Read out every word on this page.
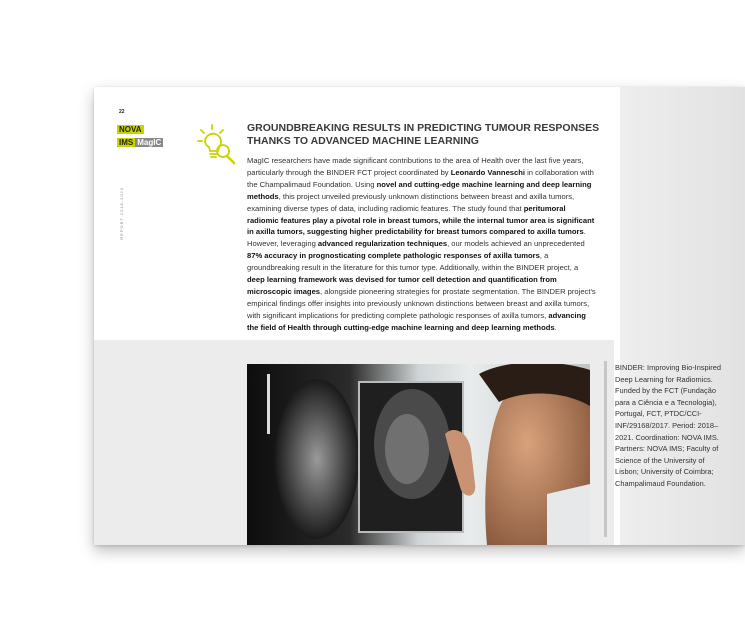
22
NOVA
IMS MagIC
REPORT 2018-2023
GROUNDBREAKING RESULTS IN PREDICTING TUMOUR RESPONSES THANKS TO ADVANCED MACHINE LEARNING

MagIC researchers have made significant contributions to the area of Health over the last five years, particularly through the BINDER FCT project coordinated by Leonardo Vanneschi in collaboration with the Champalimaud Foundation. Using novel and cutting-edge machine learning and deep learning methods, this project unveiled previously unknown distinctions between breast and axilla tumors, examining diverse types of data, including radiomic features. The study found that peritumoral radiomic features play a pivotal role in breast tumors, while the internal tumor area is significant in axilla tumors, suggesting higher predictability for breast tumors compared to axilla tumors. However, leveraging advanced regularization techniques, our models achieved an unprecedented 87% accuracy in prognosticating complete pathologic responses of axilla tumors, a groundbreaking result in the literature for this tumor type. Additionally, within the BINDER project, a deep learning framework was devised for tumor cell detection and quantification from microscopic images, alongside pioneering strategies for prostate segmentation. The BINDER project's empirical findings offer insights into previously unknown distinctions between breast and axilla tumors, with significant implications for predicting complete pathologic responses of axilla tumors, advancing the field of Health through cutting-edge machine learning and deep learning methods.

BINDER: Improving Bio-Inspired Deep Learning for Radiomics. Funded by the FCT (Fundação para a Ciência e a Tecnologia), Portugal, FCT, PTDC/CCI-INF/29168/2017. Period: 2018–2021. Coordination: NOVA IMS. Partners: NOVA IMS; Faculty of Science of the University of Lisbon; University of Coimbra; Champalimaud Foundation.
